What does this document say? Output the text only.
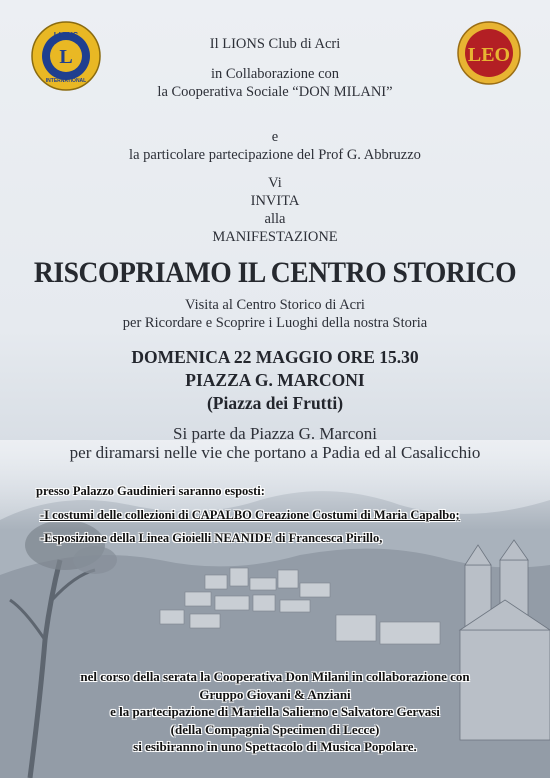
L
LIONS
INTERNATIONAL
LEO
Il LIONS Club di Acri
in Collaborazione con
la Cooperativa Sociale “DON MILANI”
e
la particolare partecipazione del Prof G. Abbruzzo
Vi
INVITA
alla
MANIFESTAZIONE
RISCOPRIAMO IL CENTRO STORICO
Visita al Centro Storico di Acri
per Ricordare e Scoprire i Luoghi della nostra Storia
DOMENICA 22 MAGGIO ORE 15.30
PIAZZA G. MARCONI
(Piazza dei Frutti)
Si parte da Piazza G. Marconi
per diramarsi nelle vie che portano a Padia ed al Casalicchio
presso Palazzo Gaudinieri saranno esposti:
-I costumi delle collezioni di CAPALBO Creazione Costumi di Maria Capalbo;
-Esposizione della Linea Gioielli NEANIDE di Francesca Pirillo,
nel corso della serata la Cooperativa Don Milani in collaborazione con
Gruppo Giovani & Anziani
e la partecipazione di Mariella Salierno e Salvatore Gervasi
(della Compagnia Specimen di Lecce)
si esibiranno in uno Spettacolo di Musica Popolare.
